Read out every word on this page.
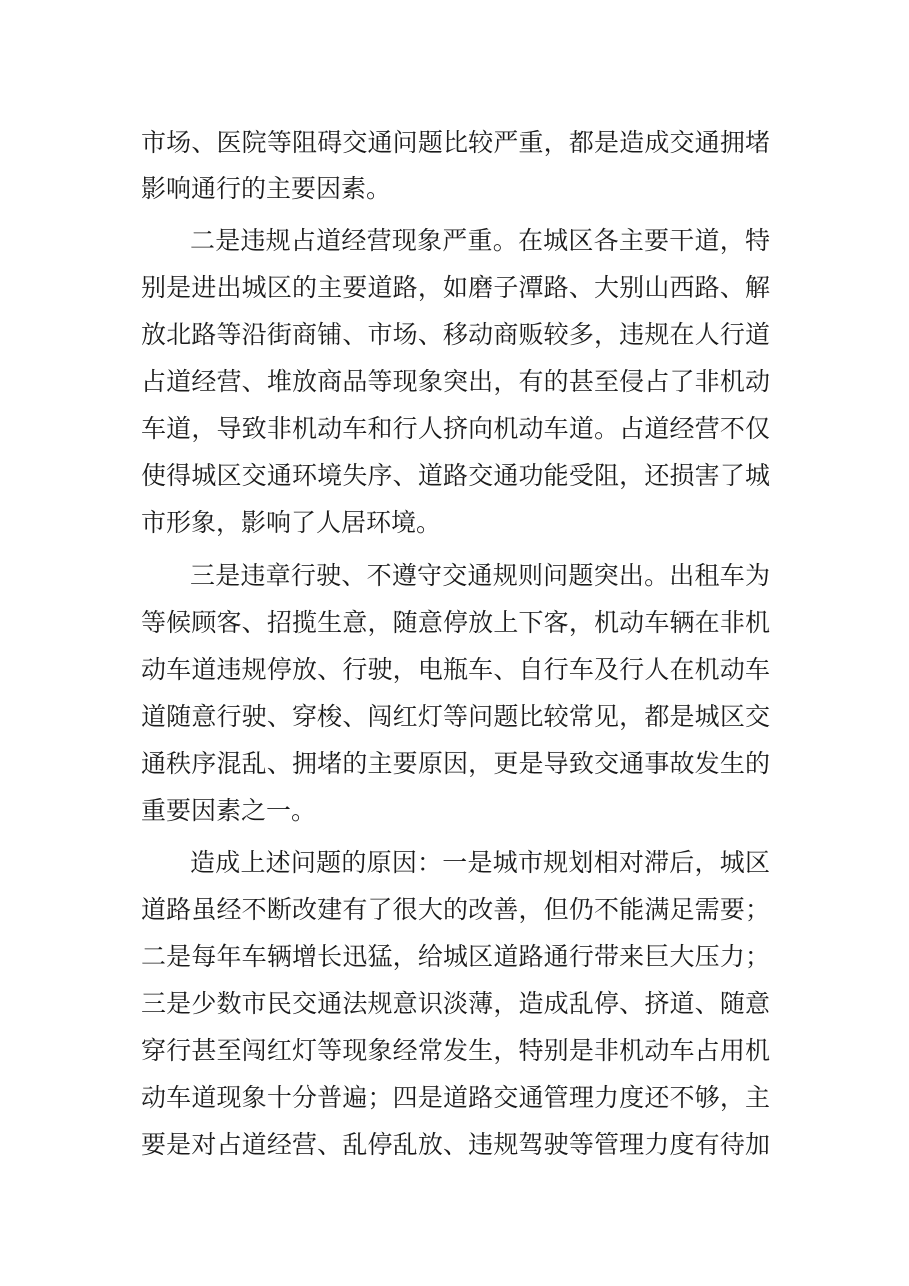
市场、医院等阻碍交通问题比较严重，都是造成交通拥堵
影响通行的主要因素。
二是违规占道经营现象严重。在城区各主要干道，特
别是进出城区的主要道路，如磨子潭路、大别山西路、解
放北路等沿街商铺、市场、移动商贩较多，违规在人行道
占道经营、堆放商品等现象突出，有的甚至侵占了非机动
车道，导致非机动车和行人挤向机动车道。占道经营不仅
使得城区交通环境失序、道路交通功能受阻，还损害了城
市形象，影响了人居环境。
三是违章行驶、不遵守交通规则问题突出。出租车为
等候顾客、招揽生意，随意停放上下客，机动车辆在非机
动车道违规停放、行驶，电瓶车、自行车及行人在机动车
道随意行驶、穿梭、闯红灯等问题比较常见，都是城区交
通秩序混乱、拥堵的主要原因，更是导致交通事故发生的
重要因素之一。
造成上述问题的原因：一是城市规划相对滞后，城区
道路虽经不断改建有了很大的改善，但仍不能满足需要；
二是每年车辆增长迅猛，给城区道路通行带来巨大压力；
三是少数市民交通法规意识淡薄，造成乱停、挤道、随意
穿行甚至闯红灯等现象经常发生，特别是非机动车占用机
动车道现象十分普遍；四是道路交通管理力度还不够，主
要是对占道经营、乱停乱放、违规驾驶等管理力度有待加
